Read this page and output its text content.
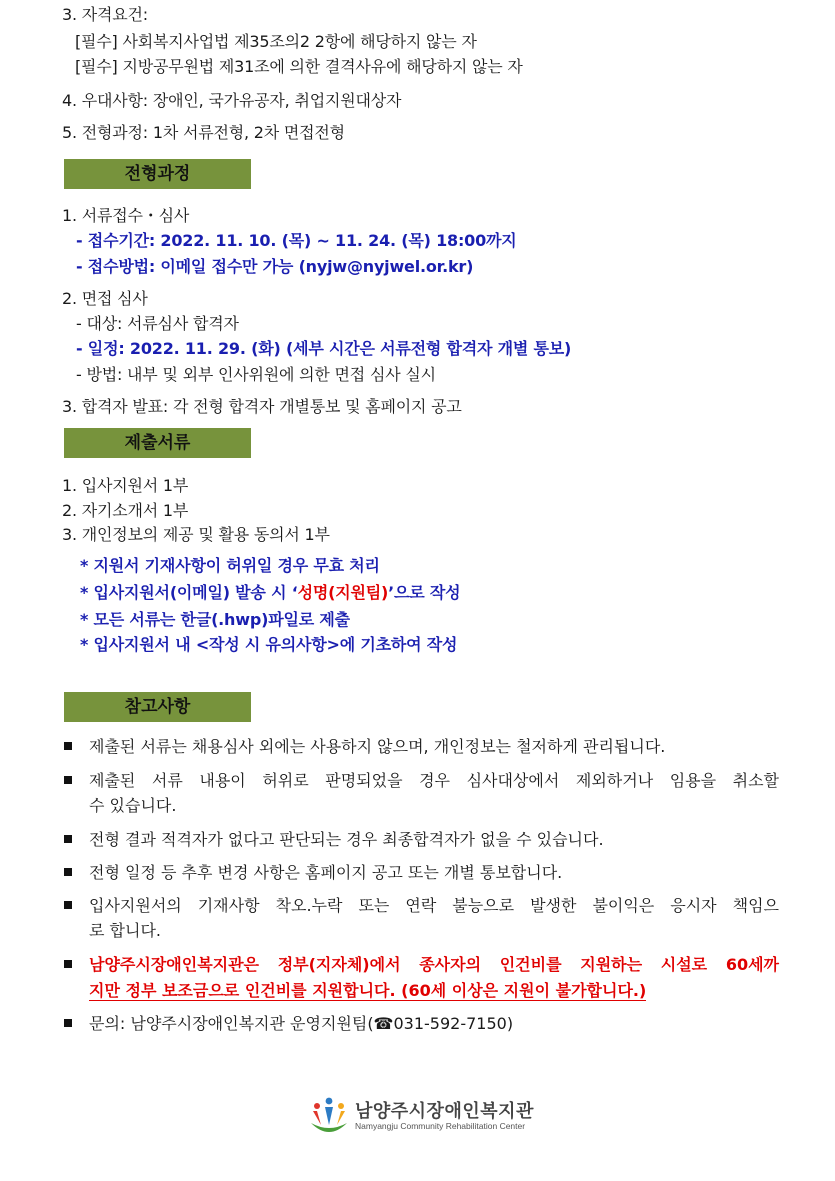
3. 자격요건:
[필수] 사회복지사업법 제35조의2 2항에 해당하지 않는 자
[필수] 지방공무원법 제31조에 의한 결격사유에 해당하지 않는 자
4. 우대사항: 장애인, 국가유공자, 취업지원대상자
5. 전형과정: 1차 서류전형, 2차 면접전형
전형과정
1. 서류접수・심사
- 접수기간: 2022. 11. 10. (목) ~ 11. 24. (목) 18:00까지
- 접수방법: 이메일 접수만 가능 (nyjw@nyjwel.or.kr)
2. 면접 심사
- 대상: 서류심사 합격자
- 일정: 2022. 11. 29. (화) (세부 시간은 서류전형 합격자 개별 통보)
- 방법: 내부 및 외부 인사위원에 의한 면접 심사 실시
3. 합격자 발표: 각 전형 합격자 개별통보 및 홈페이지 공고
제출서류
1. 입사지원서 1부
2. 자기소개서 1부
3. 개인정보의 제공 및 활용 동의서 1부
* 지원서 기재사항이 허위일 경우 무효 처리
* 입사지원서(이메일) 발송 시 ‘성명(지원팀)’으로 작성
* 모든 서류는 한글(.hwp)파일로 제출
* 입사지원서 내 <작성 시 유의사항>에 기초하여 작성
참고사항
제출된 서류는 채용심사 외에는 사용하지 않으며, 개인정보는 철저하게 관리됩니다.
제출된 서류 내용이 허위로 판명되었을 경우 심사대상에서 제외하거나 임용을 취소할
수 있습니다.
전형 결과 적격자가 없다고 판단되는 경우 최종합격자가 없을 수 있습니다.
전형 일정 등 추후 변경 사항은 홈페이지 공고 또는 개별 통보합니다.
입사지원서의 기재사항 착오.누락 또는 연락 불능으로 발생한 불이익은 응시자 책임으
로 합니다.
남양주시장애인복지관은 정부(지자체)에서 종사자의 인건비를 지원하는 시설로 60세까
지만 정부 보조금으로 인건비를 지원합니다. (60세 이상은 지원이 불가합니다.)
문의: 남양주시장애인복지관 운영지원팀(☎031-592-7150)
남양주시장애인복지관
Namyangju Community Rehabilitation Center
